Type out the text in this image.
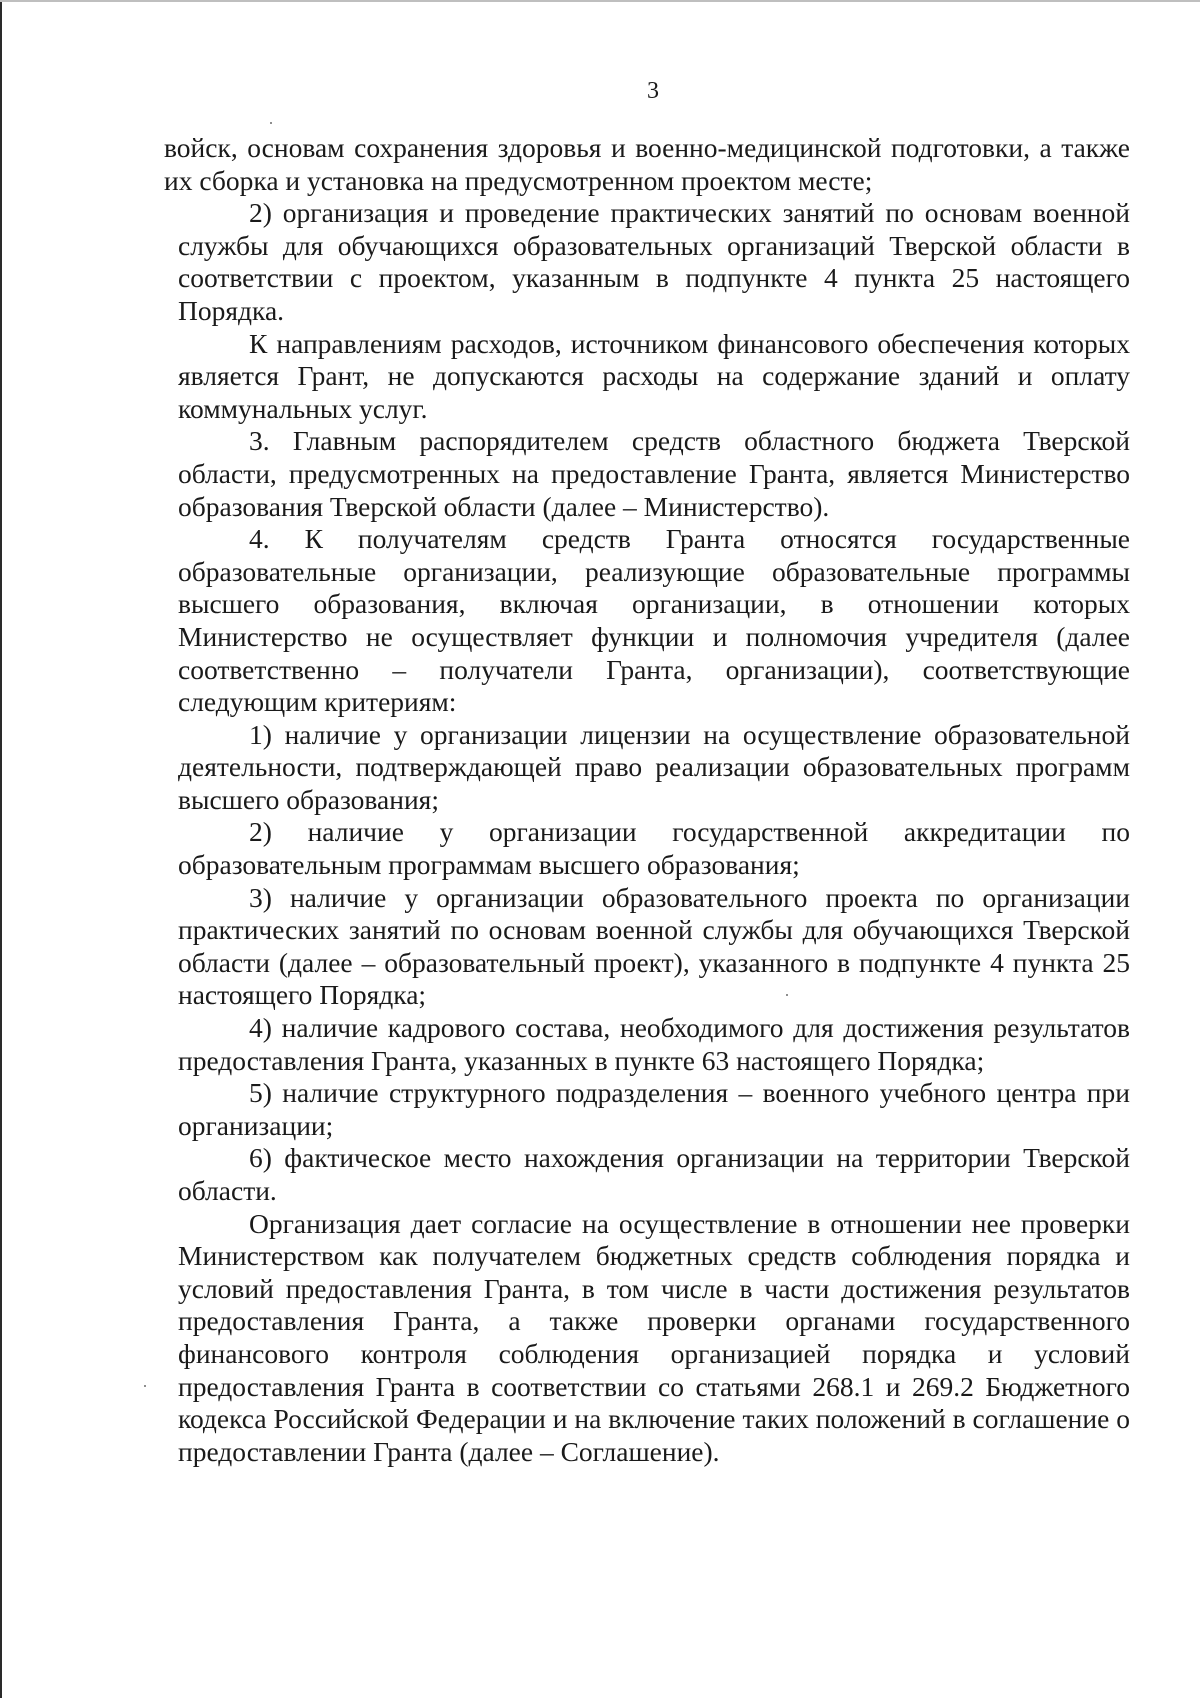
3

войск, основам сохранения здоровья и военно-медицинской подготовки, а также их сборка и установка на предусмотренном проектом месте;

2) организация и проведение практических занятий по основам военной службы для обучающихся образовательных организаций Тверской области в соответствии с проектом, указанным в подпункте 4 пункта 25 настоящего Порядка.

К направлениям расходов, источником финансового обеспечения которых является Грант, не допускаются расходы на содержание зданий и оплату коммунальных услуг.

3. Главным распорядителем средств областного бюджета Тверской области, предусмотренных на предоставление Гранта, является Министерство образования Тверской области (далее – Министерство).

4. К получателям средств Гранта относятся государственные образовательные организации, реализующие образовательные программы высшего образования, включая организации, в отношении которых Министерство не осуществляет функции и полномочия учредителя (далее соответственно – получатели Гранта, организации), соответствующие следующим критериям:

1) наличие у организации лицензии на осуществление образовательной деятельности, подтверждающей право реализации образовательных программ высшего образования;

2) наличие у организации государственной аккредитации по образовательным программам высшего образования;

3) наличие у организации образовательного проекта по организации практических занятий по основам военной службы для обучающихся Тверской области (далее – образовательный проект), указанного в подпункте 4 пункта 25 настоящего Порядка;

4) наличие кадрового состава, необходимого для достижения результатов предоставления Гранта, указанных в пункте 63 настоящего Порядка;

5) наличие структурного подразделения – военного учебного центра при организации;

6) фактическое место нахождения организации на территории Тверской области.

Организация дает согласие на осуществление в отношении нее проверки Министерством как получателем бюджетных средств соблюдения порядка и условий предоставления Гранта, в том числе в части достижения результатов предоставления Гранта, а также проверки органами государственного финансового контроля соблюдения организацией порядка и условий предоставления Гранта в соответствии со статьями 268.1 и 269.2 Бюджетного кодекса Российской Федерации и на включение таких положений в соглашение о предоставлении Гранта (далее – Соглашение).
